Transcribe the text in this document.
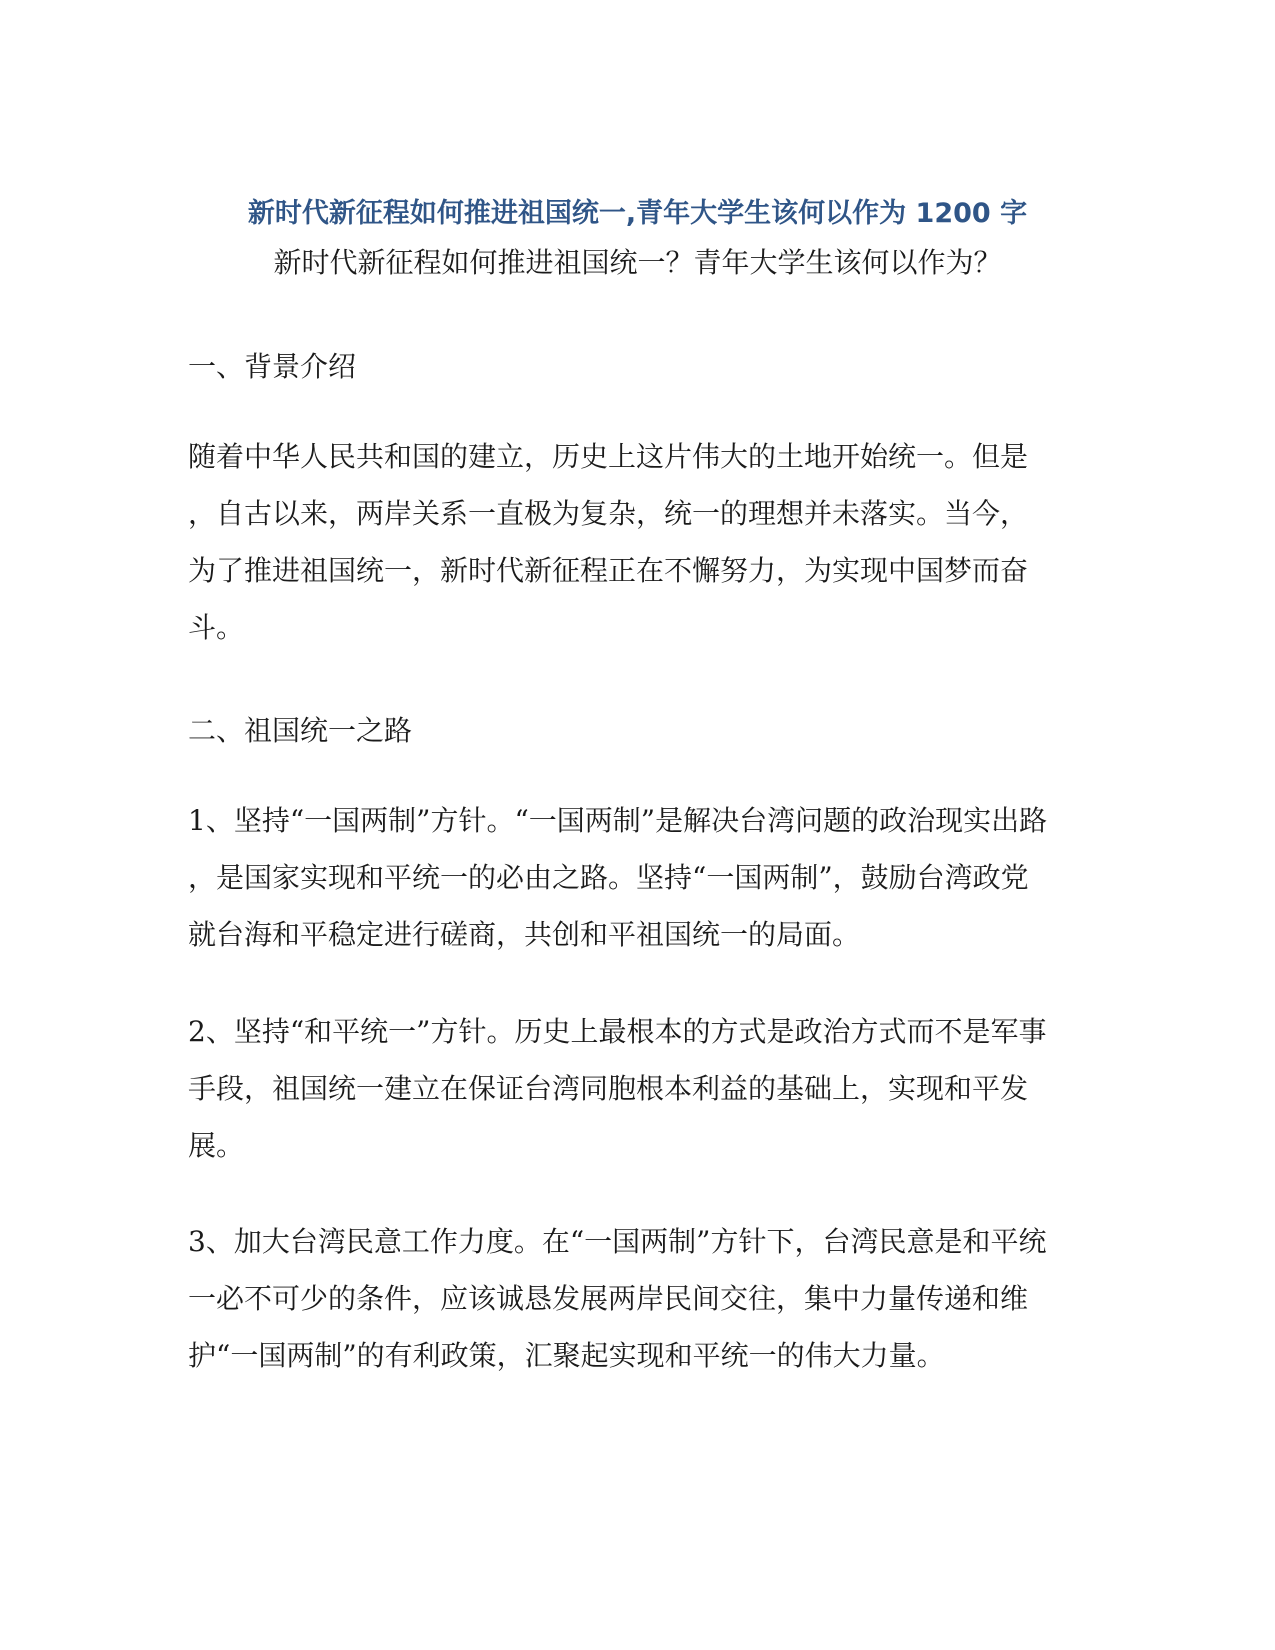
新时代新征程如何推进祖国统一,青年大学生该何以作为 1200 字

新时代新征程如何推进祖国统一？青年大学生该何以作为？

一、背景介绍

随着中华人民共和国的建立，历史上这片伟大的土地开始统一。但是
，自古以来，两岸关系一直极为复杂，统一的理想并未落实。当今，
为了推进祖国统一，新时代新征程正在不懈努力，为实现中国梦而奋
斗。

二、祖国统一之路

1、坚持“一国两制”方针。“一国两制”是解决台湾问题的政治现实出路
，是国家实现和平统一的必由之路。坚持“一国两制”，鼓励台湾政党
就台海和平稳定进行磋商，共创和平祖国统一的局面。
2、坚持“和平统一”方针。历史上最根本的方式是政治方式而不是军事
手段，祖国统一建立在保证台湾同胞根本利益的基础上，实现和平发
展。
3、加大台湾民意工作力度。在“一国两制”方针下，台湾民意是和平统
一必不可少的条件，应该诚恳发展两岸民间交往，集中力量传递和维
护“一国两制”的有利政策，汇聚起实现和平统一的伟大力量。
